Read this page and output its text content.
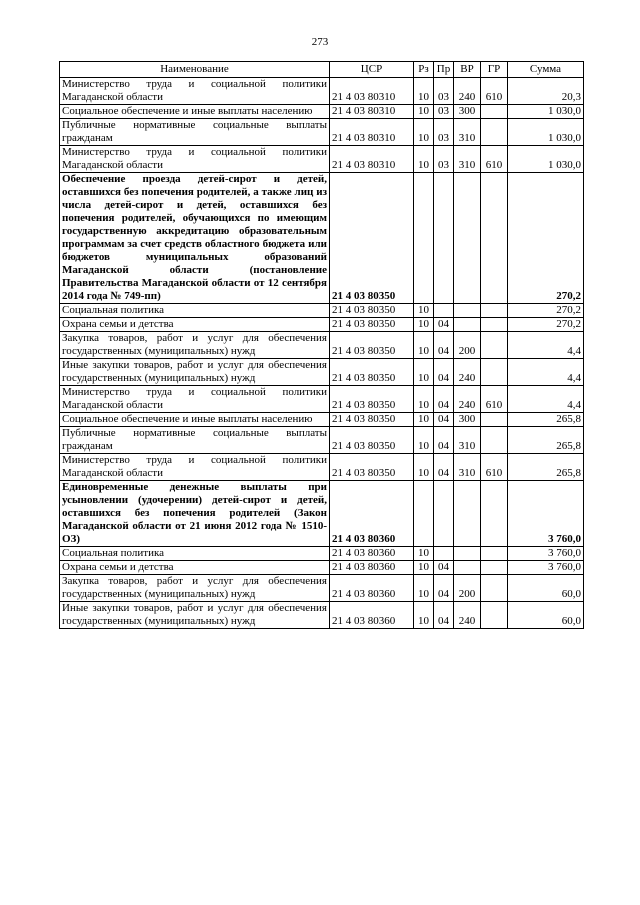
273
Наименование	ЦСР	Рз	Пр	ВР	ГР	Сумма
Министерство труда и социальной политики Магаданской области	21 4 03 80310	10	03	240	610	20,3
Социальное обеспечение и иные выплаты населению	21 4 03 80310	10	03	300		1 030,0
Публичные нормативные социальные выплаты гражданам	21 4 03 80310	10	03	310		1 030,0
Министерство труда и социальной политики Магаданской области	21 4 03 80310	10	03	310	610	1 030,0
Обеспечение проезда детей-сирот и детей, оставшихся без попечения родителей, а также лиц из числа детей-сирот и детей, оставшихся без попечения родителей, обучающихся по имеющим государственную аккредитацию образовательным программам за счет средств областного бюджета или бюджетов муниципальных образований Магаданской области (постановление Правительства Магаданской области от 12 сентября 2014 года № 749-пп)	21 4 03 80350					270,2
Социальная политика	21 4 03 80350	10				270,2
Охрана семьи и детства	21 4 03 80350	10	04			270,2
Закупка товаров, работ и услуг для обеспечения государственных (муниципальных) нужд	21 4 03 80350	10	04	200		4,4
Иные закупки товаров, работ и услуг для обеспечения государственных (муниципальных) нужд	21 4 03 80350	10	04	240		4,4
Министерство труда и социальной политики Магаданской области	21 4 03 80350	10	04	240	610	4,4
Социальное обеспечение и иные выплаты населению	21 4 03 80350	10	04	300		265,8
Публичные нормативные социальные выплаты гражданам	21 4 03 80350	10	04	310		265,8
Министерство труда и социальной политики Магаданской области	21 4 03 80350	10	04	310	610	265,8
Единовременные денежные выплаты при усыновлении (удочерении) детей-сирот и детей, оставшихся без попечения родителей (Закон Магаданской области от 21 июня 2012 года № 1510-ОЗ)	21 4 03 80360					3 760,0
Социальная политика	21 4 03 80360	10				3 760,0
Охрана семьи и детства	21 4 03 80360	10	04			3 760,0
Закупка товаров, работ и услуг для обеспечения государственных (муниципальных) нужд	21 4 03 80360	10	04	200		60,0
Иные закупки товаров, работ и услуг для обеспечения государственных (муниципальных) нужд	21 4 03 80360	10	04	240		60,0
